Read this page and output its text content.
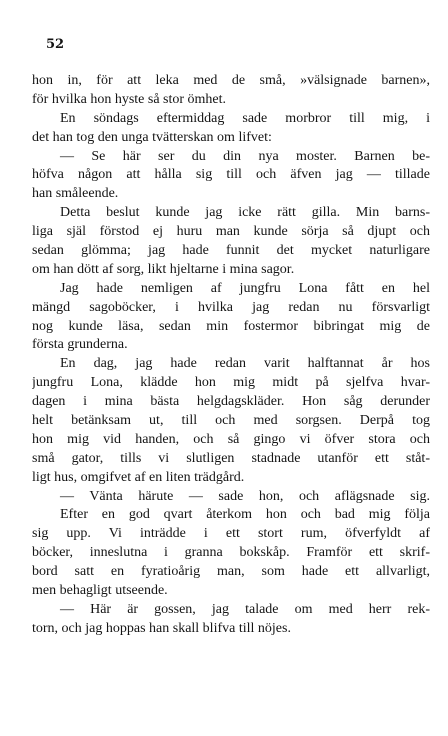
52
hon in, för att leka med de små, »välsignade barnen»,
för hvilka hon hyste så stor ömhet.
En söndags eftermiddag sade morbror till mig, i
det han tog den unga tvätterskan om lifvet:
— Se här ser du din nya moster. Barnen be-
höfva någon att hålla sig till och äfven jag — tillade
han småleende.
Detta beslut kunde jag icke rätt gilla. Min barns-
liga själ förstod ej huru man kunde sörja så djupt och
sedan glömma; jag hade funnit det mycket naturligare
om han dött af sorg, likt hjeltarne i mina sagor.
Jag hade nemligen af jungfru Lona fått en hel
mängd sagoböcker, i hvilka jag redan nu försvarligt
nog kunde läsa, sedan min fostermor bibringat mig de
första grunderna.
En dag, jag hade redan varit halftannat år hos
jungfru Lona, klädde hon mig midt på sjelfva hvar-
dagen i mina bästa helgdagskläder. Hon såg derunder
helt betänksam ut, till och med sorgsen. Derpå tog
hon mig vid handen, och så gingo vi öfver stora och
små gator, tills vi slutligen stadnade utanför ett ståt-
ligt hus, omgifvet af en liten trädgård.
— Vänta härute — sade hon, och aflägsnade sig.
Efter en god qvart återkom hon och bad mig följa
sig upp. Vi inträdde i ett stort rum, öfverfyldt af
böcker, inneslutna i granna bokskåp. Framför ett skrif-
bord satt en fyratioårig man, som hade ett allvarligt,
men behagligt utseende.
— Här är gossen, jag talade om med herr rek-
torn, och jag hoppas han skall blifva till nöjes.
